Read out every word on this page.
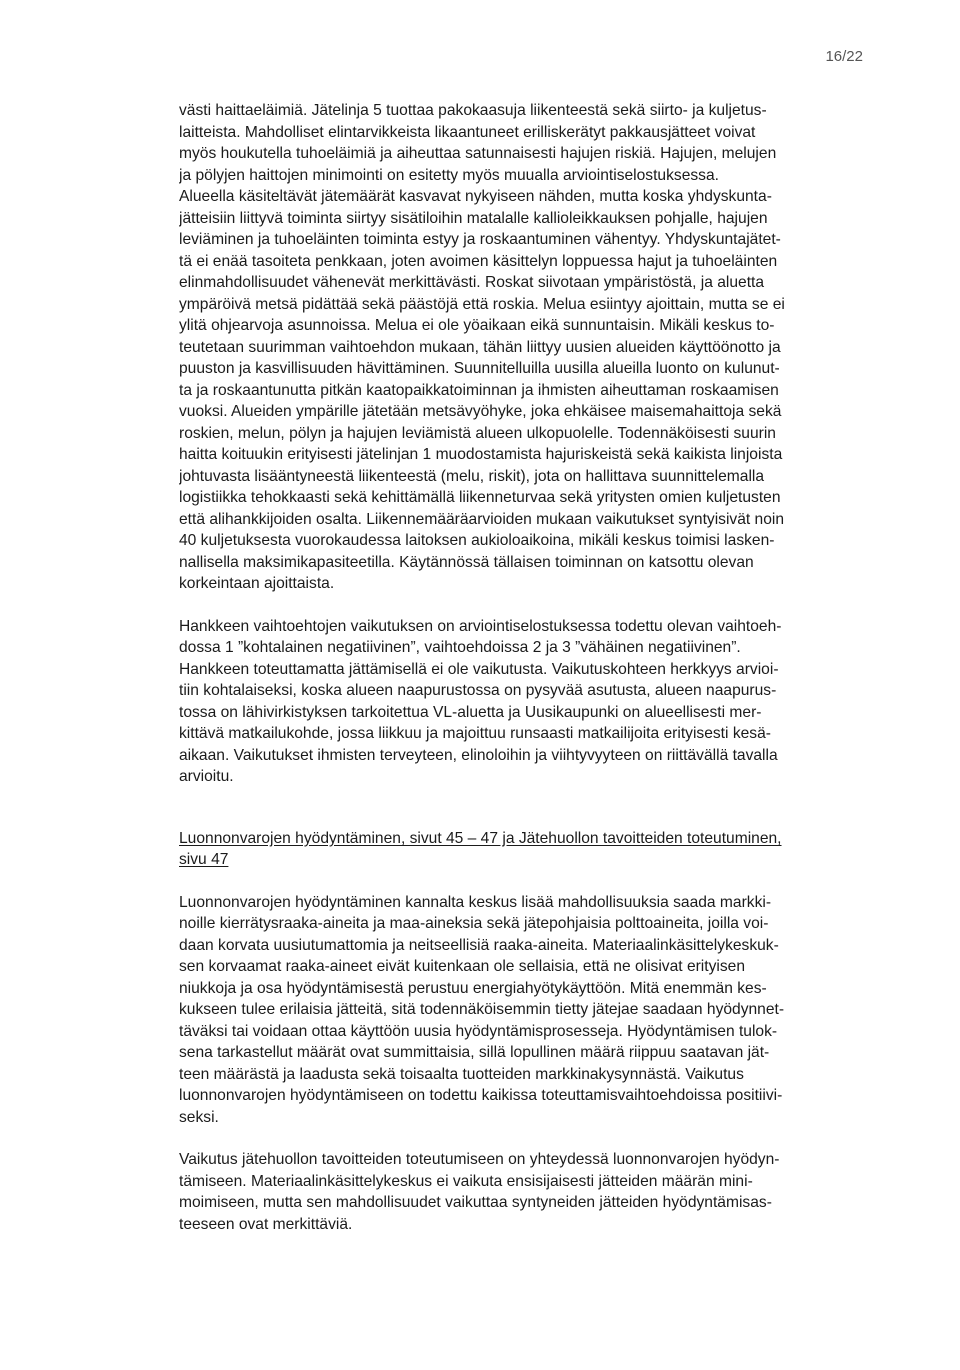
16/22
västi haittaeläimiä. Jätelinja 5 tuottaa pakokaasuja liikenteestä sekä siirto- ja kuljetus-
laitteista. Mahdolliset elintarvikkeista likaantuneet erilliskerätyt pakkausjätteet voivat
myös houkutella tuhoeläimiä ja aiheuttaa satunnaisesti hajujen riskiä. Hajujen, melujen
ja pölyjen haittojen minimointi on esitetty myös muualla arviointiselostuksessa.
Alueella käsiteltävät jätemäärät kasvavat nykyiseen nähden, mutta koska yhdyskunta-
jätteisiin liittyvä toiminta siirtyy sisätiloihin matalalle kallioleikkauksen pohjalle, hajujen
leviäminen ja tuhoeläinten toiminta estyy ja roskaantuminen vähentyy. Yhdyskuntajätet-
tä ei enää tasoiteta penkkaan, joten avoimen käsittelyn loppuessa hajut ja tuhoeläinten
elinmahdollisuudet vähenevät merkittävästi. Roskat siivotaan ympäristöstä, ja aluetta
ympäröivä metsä pidättää sekä päästöjä että roskia. Melua esiintyy ajoittain, mutta se ei
ylitä ohjearvoja asunnoissa. Melua ei ole yöaikaan eikä sunnuntaisin. Mikäli keskus to-
teutetaan suurimman vaihtoehdon mukaan, tähän liittyy uusien alueiden käyttöönotto ja
puuston ja kasvillisuuden hävittäminen. Suunnitelluilla uusilla alueilla luonto on kulunut-
ta ja roskaantunutta pitkän kaatopaikkatoiminnan ja ihmisten aiheuttaman roskaamisen
vuoksi. Alueiden ympärille jätetään metsävyöhyke, joka ehkäisee maisemahaittoja sekä
roskien, melun, pölyn ja hajujen leviämistä alueen ulkopuolelle. Todennäköisesti suurin
haitta koituukin erityisesti jätelinjan 1 muodostamista hajuriskeistä sekä kaikista linjoista
johtuvasta lisääntyneestä liikenteestä (melu, riskit), jota on hallittava suunnittelemalla
logistiikka tehokkaasti sekä kehittämällä liikenneturvaa sekä yritysten omien kuljetusten
että alihankkijoiden osalta. Liikennemääräarvioiden mukaan vaikutukset syntyisivät noin
40 kuljetuksesta vuorokaudessa laitoksen aukioloaikoina, mikäli keskus toimisi lasken-
nallisella maksimikapasiteetilla. Käytännössä tällaisen toiminnan on katsottu olevan
korkeintaan ajoittaista.
Hankkeen vaihtoehtojen vaikutuksen on arviointiselostuksessa todettu olevan vaihtoeh-
dossa 1 ”kohtalainen negatiivinen”, vaihtoehdoissa 2 ja 3 ”vähäinen negatiivinen”.
Hankkeen toteuttamatta jättämisellä ei ole vaikutusta. Vaikutuskohteen herkkyys arvioi-
tiin kohtalaiseksi, koska alueen naapurustossa on pysyvää asutusta, alueen naapurus-
tossa on lähivirkistyksen tarkoitettua VL-aluetta ja Uusikaupunki on alueellisesti mer-
kittävä matkailukohde, jossa liikkuu ja majoittuu runsaasti matkailijoita erityisesti kesä-
aikaan. Vaikutukset ihmisten terveyteen, elinoloihin ja viihtyvyyteen on riittävällä tavalla
arvioitu.
Luonnonvarojen hyödyntäminen, sivut 45 – 47 ja Jätehuollon tavoitteiden toteutuminen,
sivu 47
Luonnonvarojen hyödyntäminen kannalta keskus lisää mahdollisuuksia saada markki-
noille kierrätysraaka-aineita ja maa-aineksia sekä jätepohjaisia polttoaineita, joilla voi-
daan korvata uusiutumattomia ja neitseellisiä raaka-aineita. Materiaalinkäsittelykeskuk-
sen korvaamat raaka-aineet eivät kuitenkaan ole sellaisia, että ne olisivat erityisen
niukkoja ja osa hyödyntämisestä perustuu energiahyötykäyttöön. Mitä enemmän kes-
kukseen tulee erilaisia jätteitä, sitä todennäköisemmin tietty jätejae saadaan hyödynnet-
täväksi tai voidaan ottaa käyttöön uusia hyödyntämisprosesseja. Hyödyntämisen tulok-
sena tarkastellut määrät ovat summittaisia, sillä lopullinen määrä riippuu saatavan jät-
teen määrästä ja laadusta sekä toisaalta tuotteiden markkinakysynnästä. Vaikutus
luonnonvarojen hyödyntämiseen on todettu kaikissa toteuttamisvaihtoehdoissa positiivi-
seksi.
Vaikutus jätehuollon tavoitteiden toteutumiseen on yhteydessä luonnonvarojen hyödyn-
tämiseen. Materiaalinkäsittelykeskus ei vaikuta ensisijaisesti jätteiden määrän mini-
moimiseen, mutta sen mahdollisuudet vaikuttaa syntyneiden jätteiden hyödyntämisas-
teeseen ovat merkittäviä.
